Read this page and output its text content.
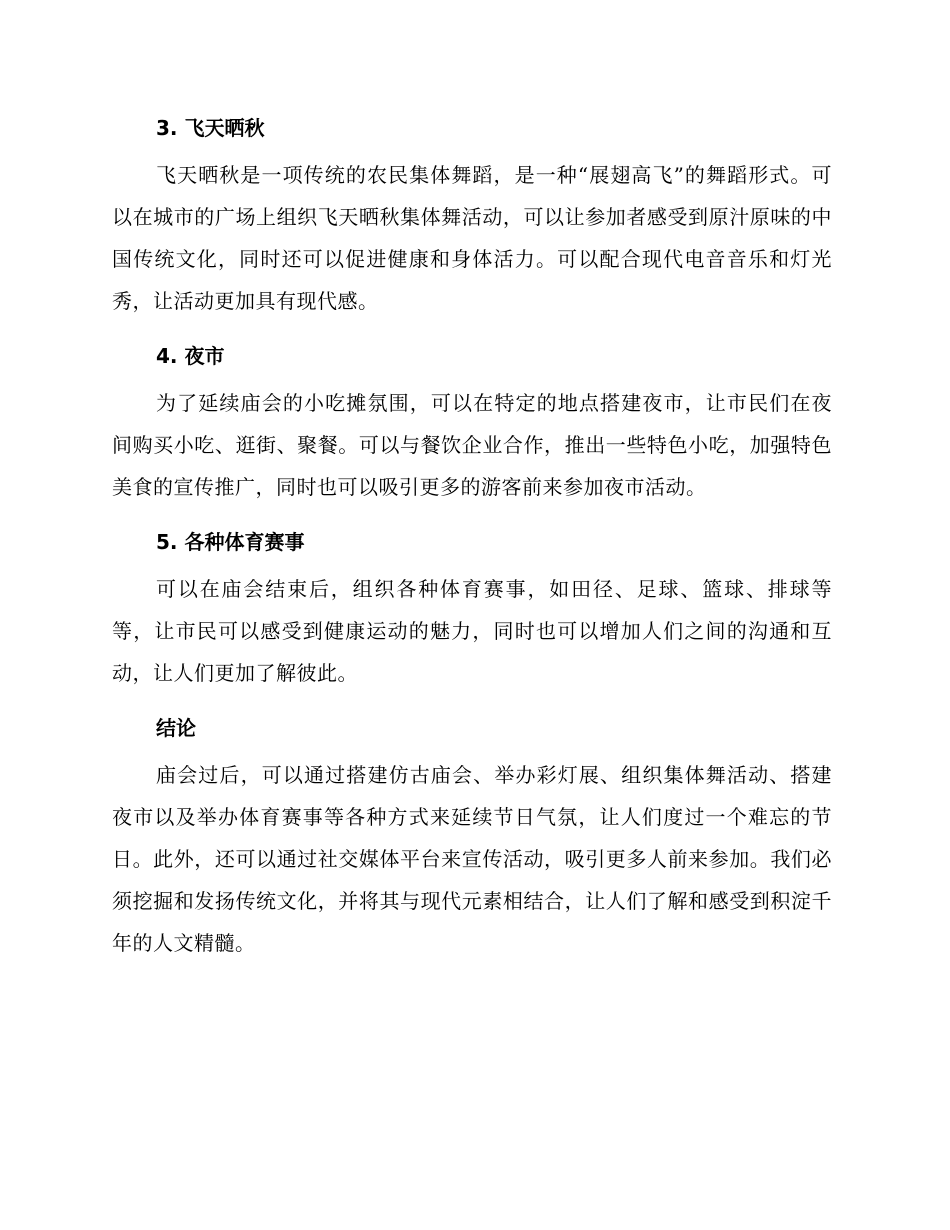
3. 飞天晒秋

飞天晒秋是一项传统的农民集体舞蹈，是一种“展翅高飞”的舞蹈形式。可以在城市的广场上组织飞天晒秋集体舞活动，可以让参加者感受到原汁原味的中国传统文化，同时还可以促进健康和身体活力。可以配合现代电音音乐和灯光秀，让活动更加具有现代感。

4. 夜市

为了延续庙会的小吃摊氛围，可以在特定的地点搭建夜市，让市民们在夜间购买小吃、逛街、聚餐。可以与餐饮企业合作，推出一些特色小吃，加强特色美食的宣传推广，同时也可以吸引更多的游客前来参加夜市活动。

5. 各种体育赛事

可以在庙会结束后，组织各种体育赛事，如田径、足球、篮球、排球等等，让市民可以感受到健康运动的魅力，同时也可以增加人们之间的沟通和互动，让人们更加了解彼此。

结论

庙会过后，可以通过搭建仿古庙会、举办彩灯展、组织集体舞活动、搭建夜市以及举办体育赛事等各种方式来延续节日气氛，让人们度过一个难忘的节日。此外，还可以通过社交媒体平台来宣传活动，吸引更多人前来参加。我们必须挖掘和发扬传统文化，并将其与现代元素相结合，让人们了解和感受到积淀千年的人文精髓。
